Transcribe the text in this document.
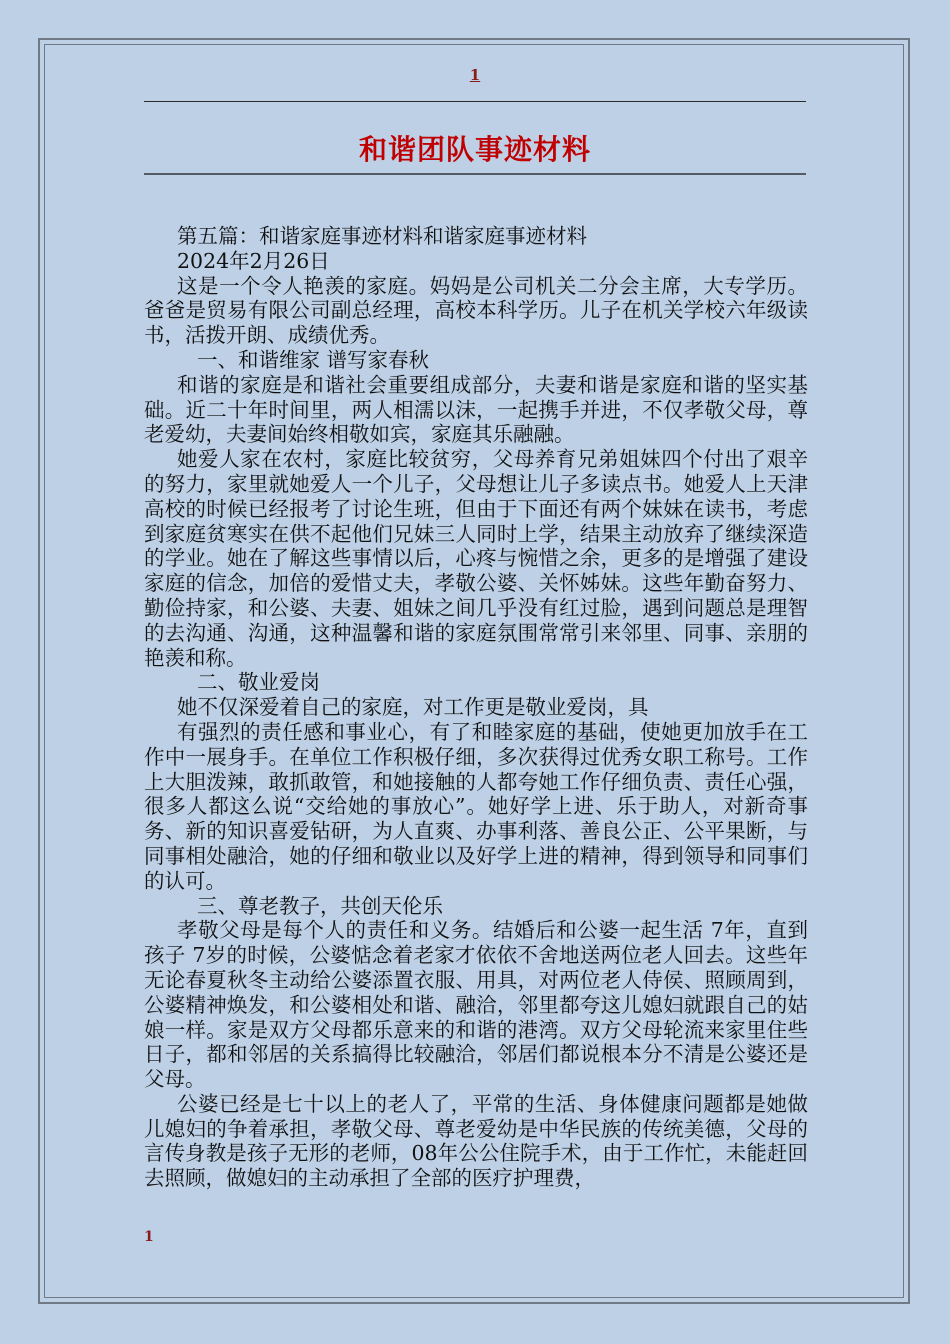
1
和谐团队事迹材料

第五篇：和谐家庭事迹材料和谐家庭事迹材料

2024年2月26日

这是一个令人艳羡的家庭。妈妈是公司机关二分会主席，大专学历。爸爸是贸易有限公司副总经理，高校本科学历。儿子在机关学校六年级读书，活拨开朗、成绩优秀。

一、和谐维家 谱写家春秋

和谐的家庭是和谐社会重要组成部分，夫妻和谐是家庭和谐的坚实基础。近二十年时间里，两人相濡以沫，一起携手并进，不仅孝敬父母，尊老爱幼，夫妻间始终相敬如宾，家庭其乐融融。

她爱人家在农村，家庭比较贫穷，父母养育兄弟姐妹四个付出了艰辛的努力，家里就她爱人一个儿子，父母想让儿子多读点书。她爱人上天津高校的时候已经报考了讨论生班，但由于下面还有两个妹妹在读书，考虑到家庭贫寒实在供不起他们兄妹三人同时上学，结果主动放弃了继续深造的学业。她在了解这些事情以后，心疼与惋惜之余，更多的是增强了建设家庭的信念，加倍的爱惜丈夫，孝敬公婆、关怀姊妹。这些年勤奋努力、勤俭持家，和公婆、夫妻、姐妹之间几乎没有红过脸，遇到问题总是理智的去沟通、沟通，这种温馨和谐的家庭氛围常常引来邻里、同事、亲朋的艳羡和称。

二、敬业爱岗

她不仅深爱着自己的家庭，对工作更是敬业爱岗，具

有强烈的责任感和事业心，有了和睦家庭的基础，使她更加放手在工作中一展身手。在单位工作积极仔细，多次获得过优秀女职工称号。工作上大胆泼辣，敢抓敢管，和她接触的人都夸她工作仔细负责、责任心强，很多人都这么说“交给她的事放心”。她好学上进、乐于助人，对新奇事务、新的知识喜爱钻研，为人直爽、办事利落、善良公正、公平果断，与同事相处融洽，她的仔细和敬业以及好学上进的精神，得到领导和同事们的认可。

三、尊老教子，共创天伦乐

孝敬父母是每个人的责任和义务。结婚后和公婆一起生活 7年，直到孩子 7岁的时候，公婆惦念着老家才依依不舍地送两位老人回去。这些年无论春夏秋冬主动给公婆添置衣服、用具，对两位老人侍侯、照顾周到，公婆精神焕发，和公婆相处和谐、融洽，邻里都夸这儿媳妇就跟自己的姑娘一样。家是双方父母都乐意来的和谐的港湾。双方父母轮流来家里住些日子，都和邻居的关系搞得比较融洽，邻居们都说根本分不清是公婆还是父母。

公婆已经是七十以上的老人了，平常的生活、身体健康问题都是她做儿媳妇的争着承担，孝敬父母、尊老爱幼是中华民族的传统美德，父母的言传身教是孩子无形的老师，08年公公住院手术，由于工作忙，未能赶回去照顾，做媳妇的主动承担了全部的医疗护理费，

1
